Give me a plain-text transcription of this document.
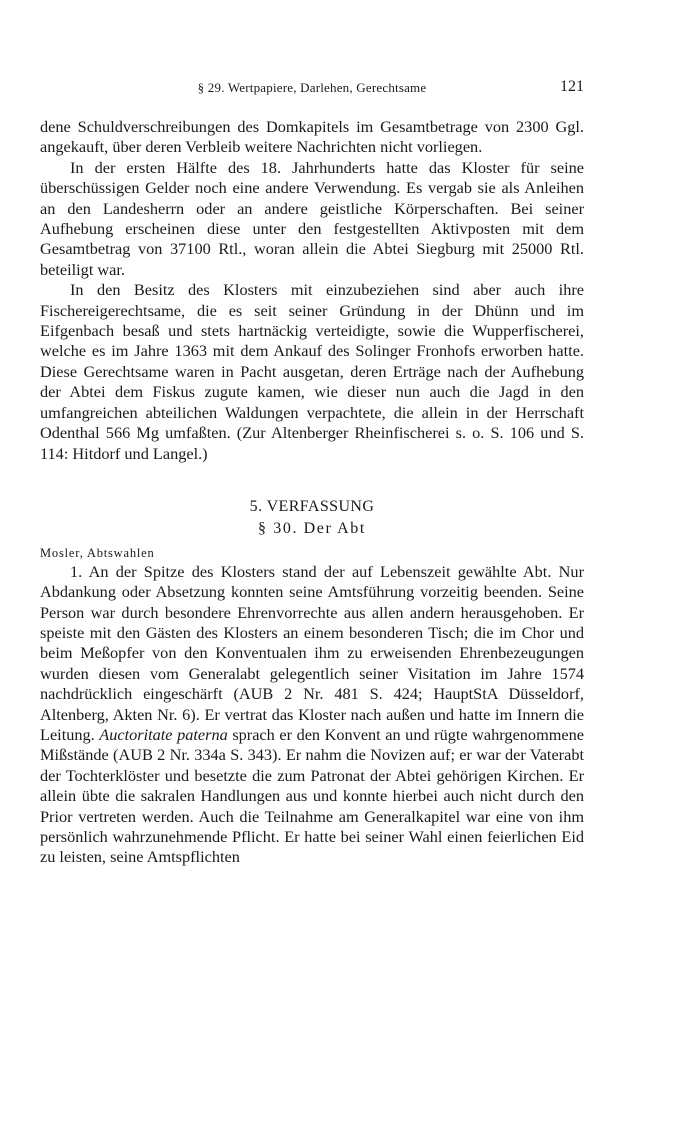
§ 29. Wertpapiere, Darlehen, Gerechtsame	121

dene Schuldverschreibungen des Domkapitels im Gesamtbetrage von 2300 Ggl. angekauft, über deren Verbleib weitere Nachrichten nicht vorliegen.

In der ersten Hälfte des 18. Jahrhunderts hatte das Kloster für seine überschüssigen Gelder noch eine andere Verwendung. Es vergab sie als Anleihen an den Landesherrn oder an andere geistliche Körperschaften. Bei seiner Aufhebung erscheinen diese unter den festgestellten Aktivposten mit dem Gesamtbetrag von 37100 Rtl., woran allein die Abtei Siegburg mit 25000 Rtl. beteiligt war.

In den Besitz des Klosters mit einzubeziehen sind aber auch ihre Fischereigerechtsame, die es seit seiner Gründung in der Dhünn und im Eifgenbach besaß und stets hartnäckig verteidigte, sowie die Wupperfischerei, welche es im Jahre 1363 mit dem Ankauf des Solinger Fronhofs erworben hatte. Diese Gerechtsame waren in Pacht ausgetan, deren Erträge nach der Aufhebung der Abtei dem Fiskus zugute kamen, wie dieser nun auch die Jagd in den umfangreichen abteilichen Waldungen verpachtete, die allein in der Herrschaft Odenthal 566 Mg umfaßten. (Zur Altenberger Rheinfischerei s. o. S. 106 und S. 114: Hitdorf und Langel.)

5. VERFASSUNG
§ 30. Der Abt
Mosler, Abtswahlen

1. An der Spitze des Klosters stand der auf Lebenszeit gewählte Abt. Nur Abdankung oder Absetzung konnten seine Amtsführung vorzeitig beenden. Seine Person war durch besondere Ehrenvorrechte aus allen andern herausgehoben. Er speiste mit den Gästen des Klosters an einem besonderen Tisch; die im Chor und beim Meßopfer von den Konventualen ihm zu erweisenden Ehrenbezeugungen wurden diesen vom Generalabt gelegentlich seiner Visitation im Jahre 1574 nachdrücklich eingeschärft (AUB 2 Nr. 481 S. 424; HauptStA Düsseldorf, Altenberg, Akten Nr. 6). Er vertrat das Kloster nach außen und hatte im Innern die Leitung. Auctoritate paterna sprach er den Konvent an und rügte wahrgenommene Mißstände (AUB 2 Nr. 334a S. 343). Er nahm die Novizen auf; er war der Vaterabt der Tochterklöster und besetzte die zum Patronat der Abtei gehörigen Kirchen. Er allein übte die sakralen Handlungen aus und konnte hierbei auch nicht durch den Prior vertreten werden. Auch die Teilnahme am Generalkapitel war eine von ihm persönlich wahrzunehmende Pflicht. Er hatte bei seiner Wahl einen feierlichen Eid zu leisten, seine Amtspflichten
